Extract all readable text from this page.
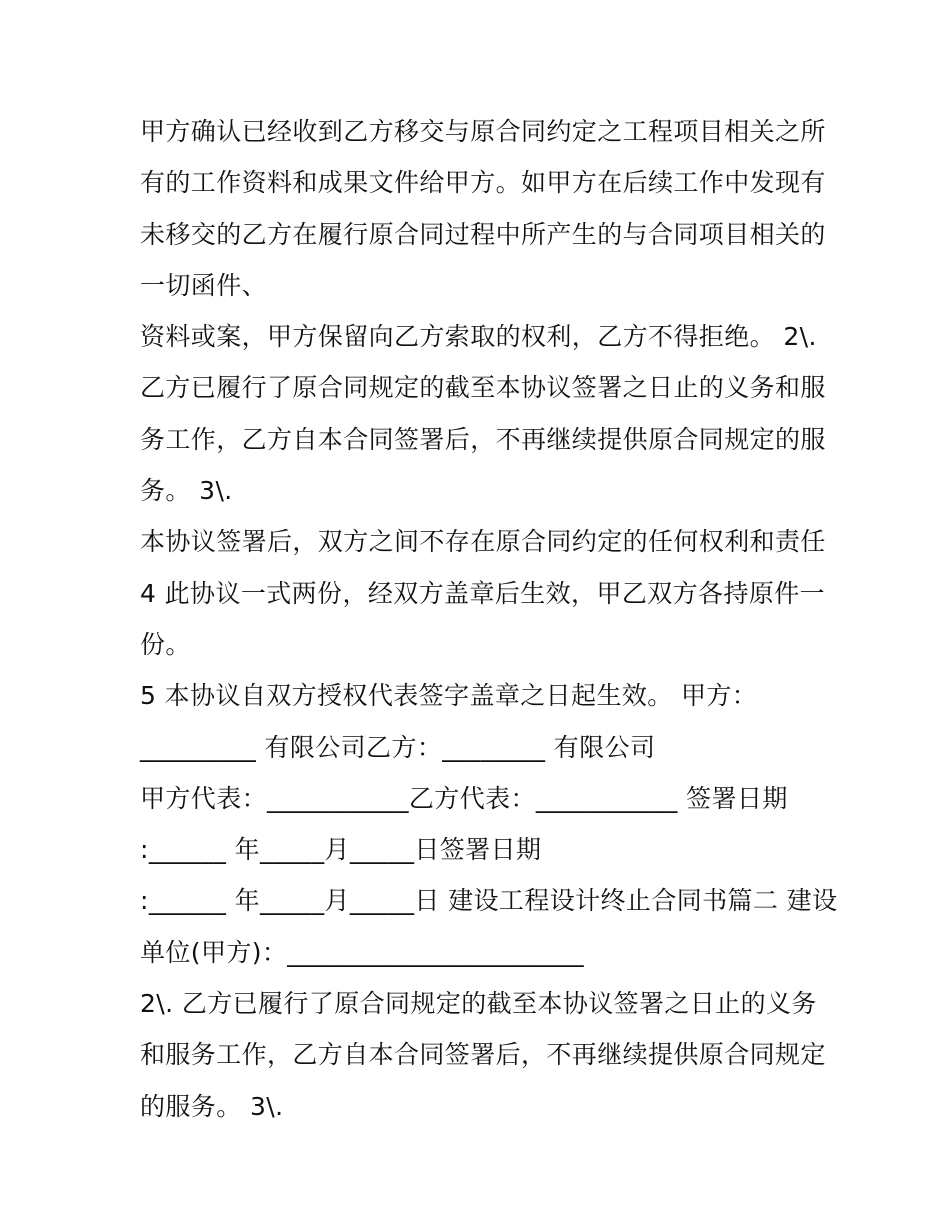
甲方确认已经收到乙方移交与原合同约定之工程项目相关之所
有的工作资料和成果文件给甲方。如甲方在后续工作中发现有
未移交的乙方在履行原合同过程中所产生的与合同项目相关的
一切函件、
资料或案，甲方保留向乙方索取的权利，乙方不得拒绝。 2\.
乙方已履行了原合同规定的截至本协议签署之日止的义务和服
务工作，乙方自本合同签署后，不再继续提供原合同规定的服
务。 3\.
本协议签署后，双方之间不存在原合同约定的任何权利和责任
4 此协议一式两份，经双方盖章后生效，甲乙双方各持原件一
份。
5 本协议自双方授权代表签字盖章之日起生效。 甲方：
_________ 有限公司乙方：________ 有限公司
甲方代表：___________乙方代表：___________ 签署日期
:______ 年_____月_____日签署日期
:______ 年_____月_____日 建设工程设计终止合同书篇二 建设
单位(甲方)：_______________________
2\. 乙方已履行了原合同规定的截至本协议签署之日止的义务
和服务工作，乙方自本合同签署后，不再继续提供原合同规定
的服务。 3\.
